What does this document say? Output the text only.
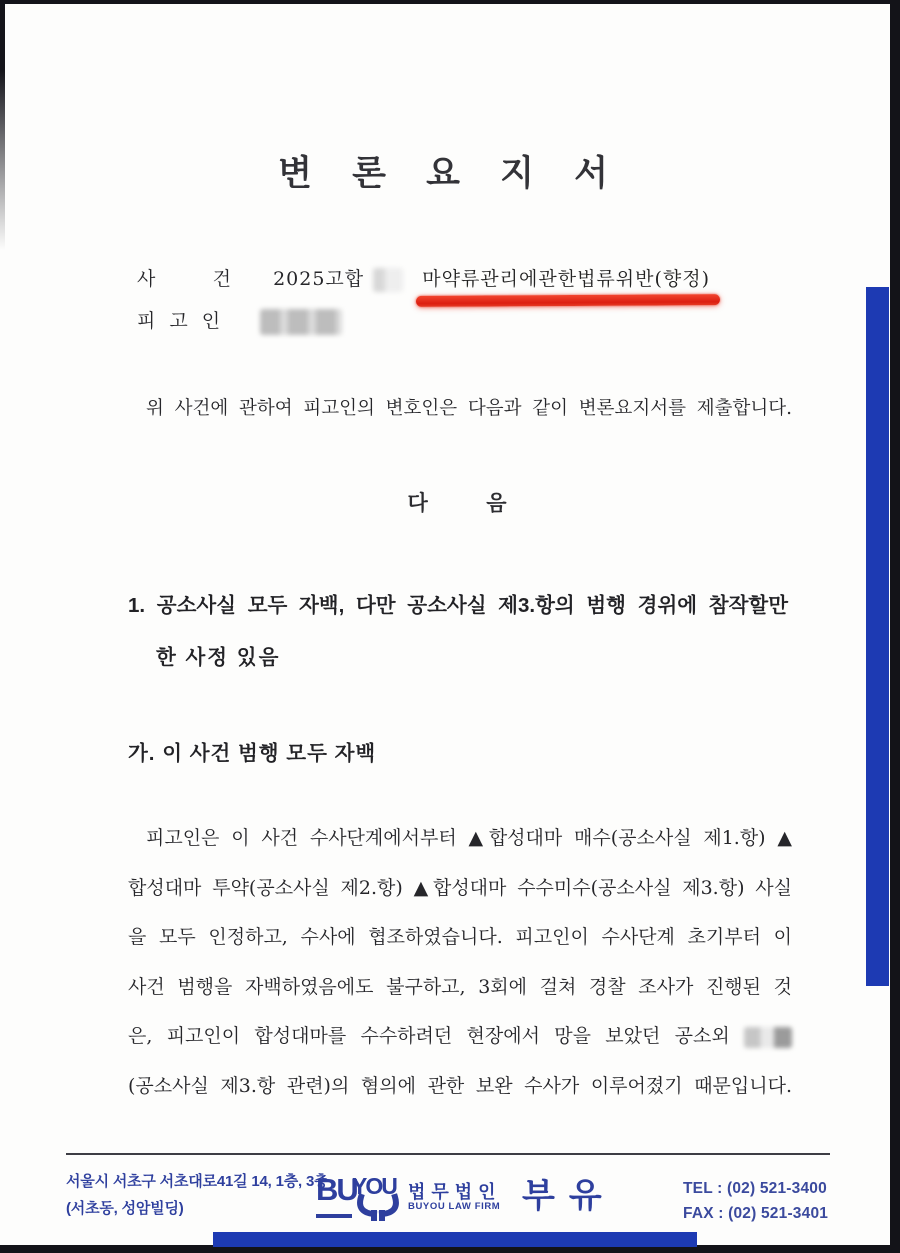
변 론 요 지 서
사        건 2025고합	마약류관리에관한법류위반(향정)
피 고 인
위 사건에 관하여 피고인의 변호인은 다음과 같이 변론요지서를 제출합니다.
다        음
1. 공소사실 모두 자백, 다만 공소사실 제3.항의 범행 경위에 참작할만
한 사정 있음
가. 이 사건 범행 모두 자백
피고인은 이 사건 수사단계에서부터 ▲합성대마 매수(공소사실 제1.항) ▲
합성대마 투약(공소사실 제2.항) ▲합성대마 수수미수(공소사실 제3.항) 사실
을 모두 인정하고, 수사에 협조하였습니다. 피고인이 수사단계 초기부터 이
사건 범행을 자백하였음에도 불구하고, 3회에 걸쳐 경찰 조사가 진행된 것
은, 피고인이 합성대마를 수수하려던 현장에서 망을 보았던 공소외
(공소사실 제3.항 관련)의 혐의에 관한 보완 수사가 이루어졌기 때문입니다.
서울시 서초구 서초대로41길 14, 1층, 3층
(서초동, 성암빌딩)
BU
YOU 법무법인
BUYOU LAW FIRM 부유	TEL : (02) 521-3400
FAX : (02) 521-3401
